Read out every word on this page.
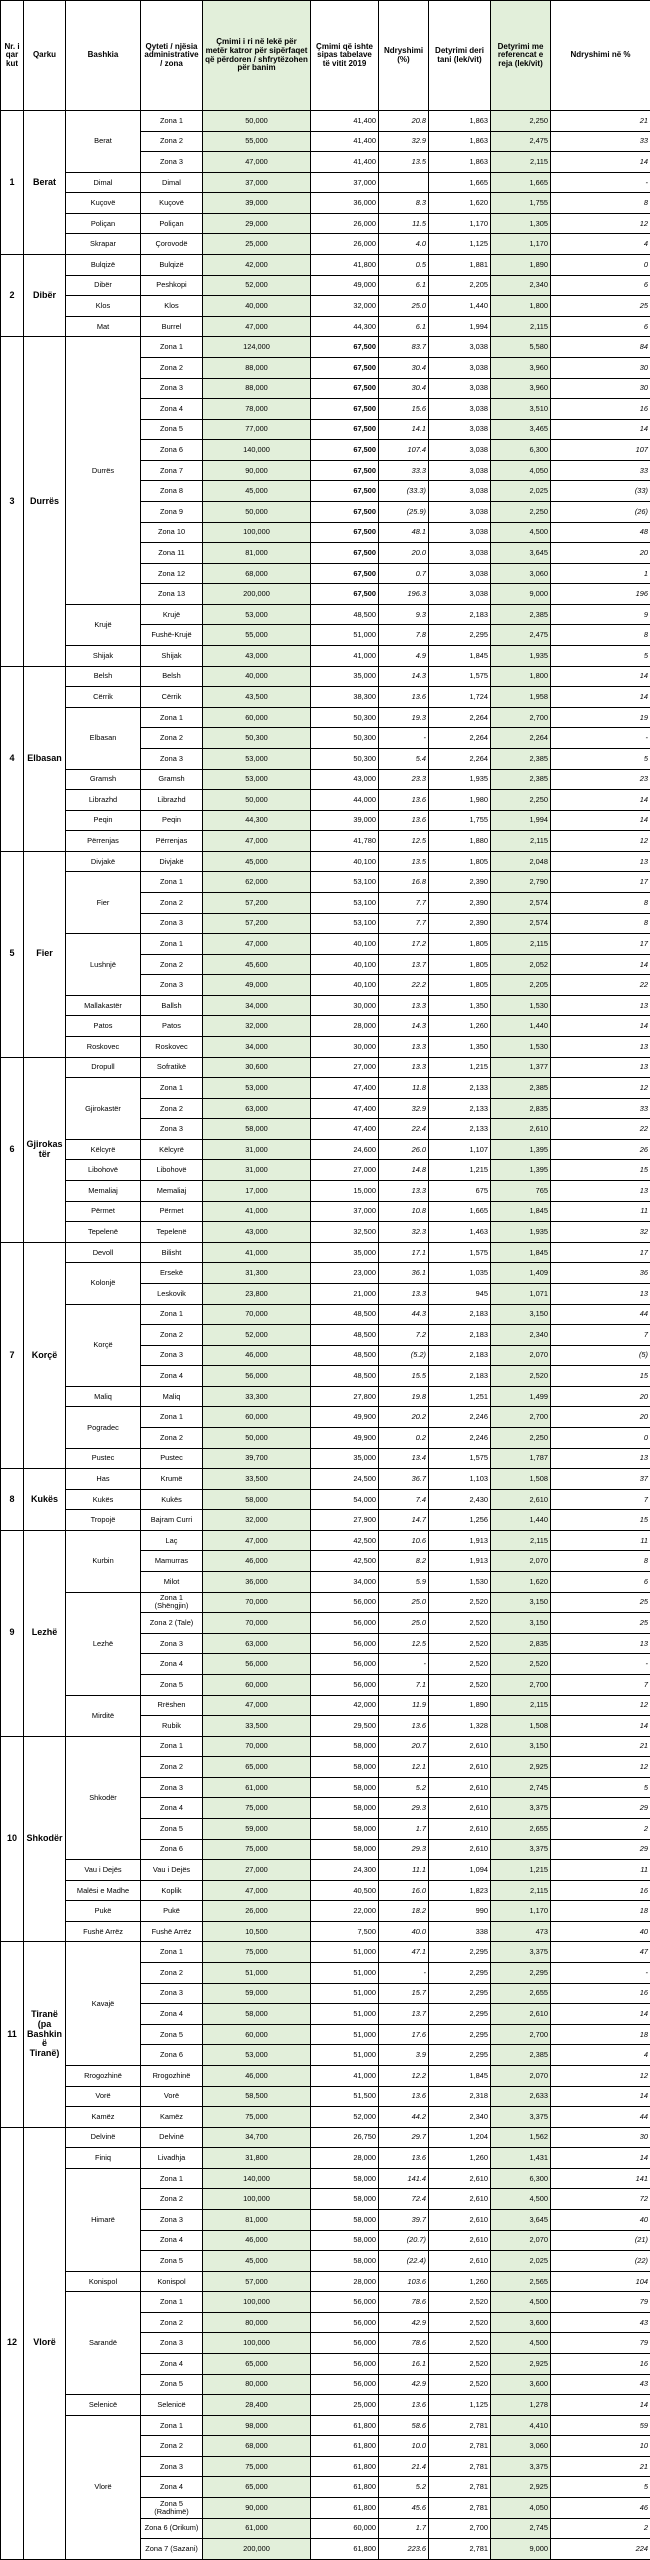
Nr. i qar kut	Qarku	Bashkia	Qyteti / njësia administrative / zona	Çmimi i ri në lekë për metër katror për sipërfaqet që përdoren / shfrytëzohen për banim	Çmimi që ishte sipas tabelave të vitit 2019	Ndryshimi (%)	Detyrimi deri tani (lek/vit)	Detyrimi me referencat e reja (lek/vit)	Ndryshimi në %
1	Berat	Berat	Zona 1	50,000	41,400	20.8	1,863	2,250	21
			Zona 2	55,000	41,400	32.9	1,863	2,475	33
			Zona 3	47,000	41,400	13.5	1,863	2,115	14
		Dimal	Dimal	37,000	37,000		1,665	1,665	-
		Kuçovë	Kuçovë	39,000	36,000	8.3	1,620	1,755	8
		Poliçan	Poliçan	29,000	26,000	11.5	1,170	1,305	12
		Skrapar	Çorovodë	25,000	26,000	4.0	1,125	1,170	4
2	Dibër	Bulqizë	Bulqizë	42,000	41,800	0.5	1,881	1,890	0
		Dibër	Peshkopi	52,000	49,000	6.1	2,205	2,340	6
		Klos	Klos	40,000	32,000	25.0	1,440	1,800	25
		Mat	Burrel	47,000	44,300	6.1	1,994	2,115	6
3	Durrës	Durrës	Zona 1	124,000	67,500	83.7	3,038	5,580	84
			Zona 2	88,000	67,500	30.4	3,038	3,960	30
			Zona 3	88,000	67,500	30.4	3,038	3,960	30
			Zona 4	78,000	67,500	15.6	3,038	3,510	16
			Zona 5	77,000	67,500	14.1	3,038	3,465	14
			Zona 6	140,000	67,500	107.4	3,038	6,300	107
			Zona 7	90,000	67,500	33.3	3,038	4,050	33
			Zona 8	45,000	67,500	(33.3)	3,038	2,025	(33)
			Zona 9	50,000	67,500	(25.9)	3,038	2,250	(26)
			Zona 10	100,000	67,500	48.1	3,038	4,500	48
			Zona 11	81,000	67,500	20.0	3,038	3,645	20
			Zona 12	68,000	67,500	0.7	3,038	3,060	1
			Zona 13	200,000	67,500	196.3	3,038	9,000	196
		Krujë	Krujë	53,000	48,500	9.3	2,183	2,385	9
			Fushë-Krujë	55,000	51,000	7.8	2,295	2,475	8
		Shijak	Shijak	43,000	41,000	4.9	1,845	1,935	5
4	Elbasan	Belsh	Belsh	40,000	35,000	14.3	1,575	1,800	14
		Cërrik	Cërrik	43,500	38,300	13.6	1,724	1,958	14
		Elbasan	Zona 1	60,000	50,300	19.3	2,264	2,700	19
			Zona 2	50,300	50,300	-	2,264	2,264	-
			Zona 3	53,000	50,300	5.4	2,264	2,385	5
		Gramsh	Gramsh	53,000	43,000	23.3	1,935	2,385	23
		Librazhd	Librazhd	50,000	44,000	13.6	1,980	2,250	14
		Peqin	Peqin	44,300	39,000	13.6	1,755	1,994	14
		Përrenjas	Përrenjas	47,000	41,780	12.5	1,880	2,115	12
5	Fier	Divjakë	Divjakë	45,000	40,100	13.5	1,805	2,048	13
		Fier	Zona 1	62,000	53,100	16.8	2,390	2,790	17
			Zona 2	57,200	53,100	7.7	2,390	2,574	8
			Zona 3	57,200	53,100	7.7	2,390	2,574	8
		Lushnjë	Zona 1	47,000	40,100	17.2	1,805	2,115	17
			Zona 2	45,600	40,100	13.7	1,805	2,052	14
			Zona 3	49,000	40,100	22.2	1,805	2,205	22
		Mallakastër	Ballsh	34,000	30,000	13.3	1,350	1,530	13
		Patos	Patos	32,000	28,000	14.3	1,260	1,440	14
		Roskovec	Roskovec	34,000	30,000	13.3	1,350	1,530	13
6	Gjirokastër	Dropull	Sofratikë	30,600	27,000	13.3	1,215	1,377	13
		Gjirokastër	Zona 1	53,000	47,400	11.8	2,133	2,385	12
			Zona 2	63,000	47,400	32.9	2,133	2,835	33
			Zona 3	58,000	47,400	22.4	2,133	2,610	22
		Këlcyrë	Këlcyrë	31,000	24,600	26.0	1,107	1,395	26
		Libohovë	Libohovë	31,000	27,000	14.8	1,215	1,395	15
		Memaliaj	Memaliaj	17,000	15,000	13.3	675	765	13
		Përmet	Përmet	41,000	37,000	10.8	1,665	1,845	11
		Tepelenë	Tepelenë	43,000	32,500	32.3	1,463	1,935	32
7	Korçë	Devoll	Bilisht	41,000	35,000	17.1	1,575	1,845	17
		Kolonjë	Ersekë	31,300	23,000	36.1	1,035	1,409	36
			Leskovik	23,800	21,000	13.3	945	1,071	13
		Korçë	Zona 1	70,000	48,500	44.3	2,183	3,150	44
			Zona 2	52,000	48,500	7.2	2,183	2,340	7
			Zona 3	46,000	48,500	(5.2)	2,183	2,070	(5)
			Zona 4	56,000	48,500	15.5	2,183	2,520	15
		Maliq	Maliq	33,300	27,800	19.8	1,251	1,499	20
		Pogradec	Zona 1	60,000	49,900	20.2	2,246	2,700	20
			Zona 2	50,000	49,900	0.2	2,246	2,250	0
		Pustec	Pustec	39,700	35,000	13.4	1,575	1,787	13
8	Kukës	Has	Krumë	33,500	24,500	36.7	1,103	1,508	37
		Kukës	Kukës	58,000	54,000	7.4	2,430	2,610	7
		Tropojë	Bajram Curri	32,000	27,900	14.7	1,256	1,440	15
9	Lezhë	Kurbin	Laç	47,000	42,500	10.6	1,913	2,115	11
			Mamurras	46,000	42,500	8.2	1,913	2,070	8
			Milot	36,000	34,000	5.9	1,530	1,620	6
		Lezhë	Zona 1 (Shëngjin)	70,000	56,000	25.0	2,520	3,150	25
			Zona 2 (Tale)	70,000	56,000	25.0	2,520	3,150	25
			Zona 3	63,000	56,000	12.5	2,520	2,835	13
			Zona 4	56,000	56,000	-	2,520	2,520	-
			Zona 5	60,000	56,000	7.1	2,520	2,700	7
		Mirditë	Rrëshen	47,000	42,000	11.9	1,890	2,115	12
			Rubik	33,500	29,500	13.6	1,328	1,508	14
10	Shkodër	Shkodër	Zona 1	70,000	58,000	20.7	2,610	3,150	21
			Zona 2	65,000	58,000	12.1	2,610	2,925	12
			Zona 3	61,000	58,000	5.2	2,610	2,745	5
			Zona 4	75,000	58,000	29.3	2,610	3,375	29
			Zona 5	59,000	58,000	1.7	2,610	2,655	2
			Zona 6	75,000	58,000	29.3	2,610	3,375	29
		Vau i Dejës	Vau i Dejës	27,000	24,300	11.1	1,094	1,215	11
		Malësi e Madhe	Koplik	47,000	40,500	16.0	1,823	2,115	16
		Pukë	Pukë	26,000	22,000	18.2	990	1,170	18
		Fushë Arrëz	Fushë Arrëz	10,500	7,500	40.0	338	473	40
11	Tiranë (pa Bashkinë Tiranë)	Kavajë	Zona 1	75,000	51,000	47.1	2,295	3,375	47
			Zona 2	51,000	51,000	-	2,295	2,295	-
			Zona 3	59,000	51,000	15.7	2,295	2,655	16
			Zona 4	58,000	51,000	13.7	2,295	2,610	14
			Zona 5	60,000	51,000	17.6	2,295	2,700	18
			Zona 6	53,000	51,000	3.9	2,295	2,385	4
		Rrogozhinë	Rrogozhinë	46,000	41,000	12.2	1,845	2,070	12
		Vorë	Vorë	58,500	51,500	13.6	2,318	2,633	14
		Kamëz	Kamëz	75,000	52,000	44.2	2,340	3,375	44
12	Vlorë	Delvinë	Delvinë	34,700	26,750	29.7	1,204	1,562	30
		Finiq	Livadhja	31,800	28,000	13.6	1,260	1,431	14
		Himarë	Zona 1	140,000	58,000	141.4	2,610	6,300	141
			Zona 2	100,000	58,000	72.4	2,610	4,500	72
			Zona 3	81,000	58,000	39.7	2,610	3,645	40
			Zona 4	46,000	58,000	(20.7)	2,610	2,070	(21)
			Zona 5	45,000	58,000	(22.4)	2,610	2,025	(22)
		Konispol	Konispol	57,000	28,000	103.6	1,260	2,565	104
		Sarandë	Zona 1	100,000	56,000	78.6	2,520	4,500	79
			Zona 2	80,000	56,000	42.9	2,520	3,600	43
			Zona 3	100,000	56,000	78.6	2,520	4,500	79
			Zona 4	65,000	56,000	16.1	2,520	2,925	16
			Zona 5	80,000	56,000	42.9	2,520	3,600	43
		Selenicë	Selenicë	28,400	25,000	13.6	1,125	1,278	14
		Vlorë	Zona 1	98,000	61,800	58.6	2,781	4,410	59
			Zona 2	68,000	61,800	10.0	2,781	3,060	10
			Zona 3	75,000	61,800	21.4	2,781	3,375	21
			Zona 4	65,000	61,800	5.2	2,781	2,925	5
			Zona 5 (Radhimë)	90,000	61,800	45.6	2,781	4,050	46
			Zona 6 (Orikum)	61,000	60,000	1.7	2,700	2,745	2
			Zona 7 (Sazani)	200,000	61,800	223.6	2,781	9,000	224
